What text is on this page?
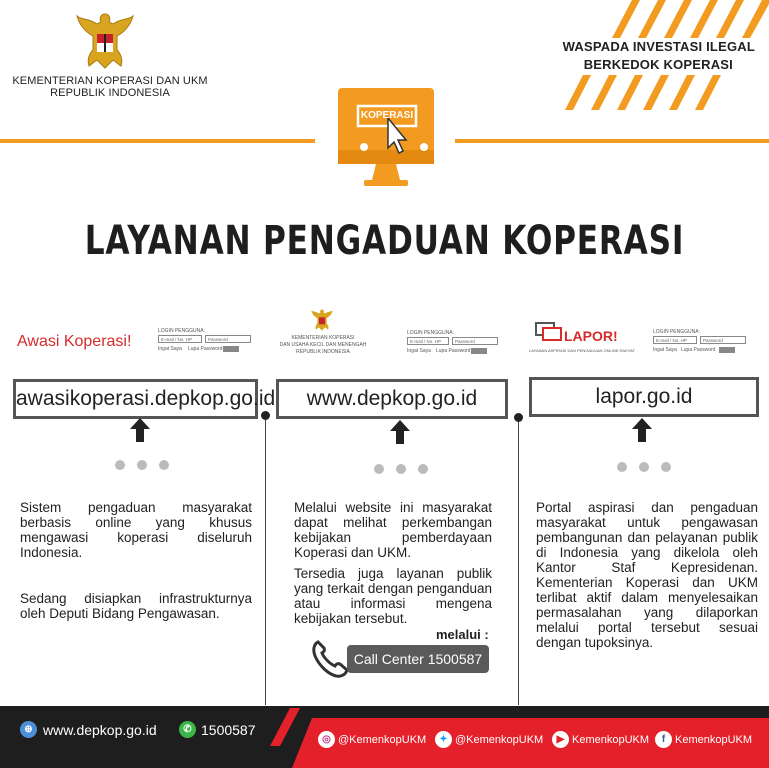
KEMENTERIAN KOPERASI DAN UKM
REPUBLIK INDONESIA
WASPADA INVESTASI ILEGAL
BERKEDOK KOPERASI
KOPERASI
LAYANAN PENGADUAN KOPERASI
Awasi Koperasi!
LOGIN PENGGUNA:
E-mail / No. HP	Password
Ingat Saya Lupa Password
awasikoperasi.depkop.go.id
Sistem pengaduan masyarakat berbasis online yang khusus mengawasi koperasi diseluruh Indonesia.
Sedang disiapkan infrastrukturnya oleh Deputi Bidang Pengawasan.
KEMENTERIAN KOPERASI
DAN USAHA KECIL DAN MENENGAH
REPUBLIK INDONESIA
LOGIN PENGGUNA:
E-mail / No. HP	Password
Ingat Saya Lupa Password
www.depkop.go.id
Melalui website ini masyarakat dapat melihat perkembangan kebijakan pemberdayaan Koperasi dan UKM.
Tersedia juga layanan publik yang terkait dengan penganduan atau informasi mengena kebijakan tersebut.
melalui :
Call Center 1500587
LAPOR!
LAYANAN ASPIRASI DAN PENGADUAN ONLINE RAKYAT
LOGIN PENGGUNA:
E-mail / No. HP	Password
Ingat Saya Lupa Password
lapor.go.id
Portal aspirasi dan pengaduan masyarakat untuk pengawasan pembangunan dan pelayanan publik di Indonesia yang dikelola oleh Kantor Staf Kepresidenan. Kementerian Koperasi dan UKM terlibat aktif dalam menyelesaikan permasalahan yang dilaporkan melalui portal tersebut sesuai dengan tupoksinya.
⊕ www.depkop.go.id	✆ 1500587
◎ @KemenkopUKM	✦ @KemenkopUKM	▶ KemenkopUKM	f KemenkopUKM
